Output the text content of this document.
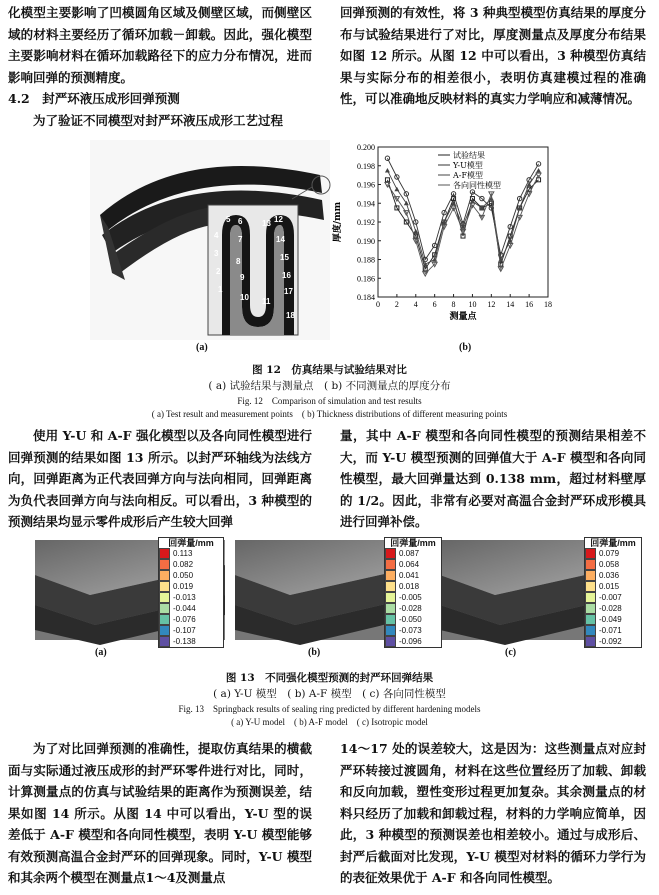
化模型主要影响了凹模圆角区域及侧壁区域，而侧壁区域的材料主要经历了循环加载－卸载。因此，强化模型主要影响材料在循环加载路径下的应力分布情况，进而影响回弹的预测精度。

4.2　封严环液压成形回弹预测

为了验证不同模型对封严环液压成形工艺过程

回弹预测的有效性，将 3 种典型模型仿真结果的厚度分布与试验结果进行了对比，厚度测量点及厚度分布结果如图 12 所示。从图 12 中可以看出，3 种模型仿真结果与实际分布的相差很小，表明仿真建模过程的准确性，可以准确地反映材料的真实力学响应和减薄情况。

5
4
3
2
1
6
7
8
9
10 11
13 12
14
15
16
17
18
(a)
0.184
0.186
0.188
0.190
0.192
0.194
0.196
0.198
0.200
0 2 4 6 8 10 12 14 16 18
测量点
厚度/mm
试验结果
Y-U模型
A-F模型
各向同性模型
(b)
图 12　仿真结果与试验结果对比
( a) 试验结果与测量点　( b) 不同测量点的厚度分布
Fig. 12　Comparison of simulation and test results
( a) Test result and measurement points　( b) Thickness distributions of different measuring points

使用 Y-U 和 A-F 强化模型以及各向同性模型进行回弹预测的结果如图 13 所示。以封严环轴线为法线方向，回弹距离为正代表回弹方向与法向相同，回弹距离为负代表回弹方向与法向相反。可以看出，3 种模型的预测结果均显示零件成形后产生较大回弹

量，其中 A-F 模型和各向同性模型的预测结果相差不大，而 Y-U 模型预测的回弹值大于 A-F 模型和各向同性模型，最大回弹量达到 0.138 mm，超过材料壁厚的 1/2。因此，非常有必要对高温合金封严环成形模具进行回弹补偿。

回弹量/mm
0.113
0.082
0.050
0.019
-0.013
-0.044
-0.076
-0.107
-0.138
回弹量/mm
0.087
0.064
0.041
0.018
-0.005
-0.028
-0.050
-0.073
-0.096
回弹量/mm
0.079
0.058
0.036
0.015
-0.007
-0.028
-0.049
-0.071
-0.092
(a)	(b)	(c)
图 13　不同强化模型预测的封严环回弹结果
( a) Y-U 模型　( b) A-F 模型　( c) 各向同性模型
Fig. 13　Springback results of sealing ring predicted by different hardening models
( a) Y-U model　( b) A-F model　( c) Isotropic model

为了对比回弹预测的准确性，提取仿真结果的横截面与实际通过液压成形的封严环零件进行对比，同时，计算测量点的仿真与试验结果的距离作为预测误差，结果如图 14 所示。从图 14 中可以看出，Y-U 型的误差低于 A-F 模型和各向同性模型，表明 Y-U 模型能够有效预测高温合金封严环的回弹现象。同时，Y-U 模型和其余两个模型在测量点1～4及测量点

14～17 处的误差较大，这是因为：这些测量点对应封严环转接过渡圆角，材料在这些位置经历了加载、卸载和反向加载，塑性变形过程更加复杂。其余测量点的材料只经历了加载和卸载过程，材料的力学响应简单，因此，3 种模型的预测误差也相差较小。通过与成形后、封严后截面对比发现，Y-U 模型对材料的循环力学行为的表征效果优于 A-F 和各向同性模型。
